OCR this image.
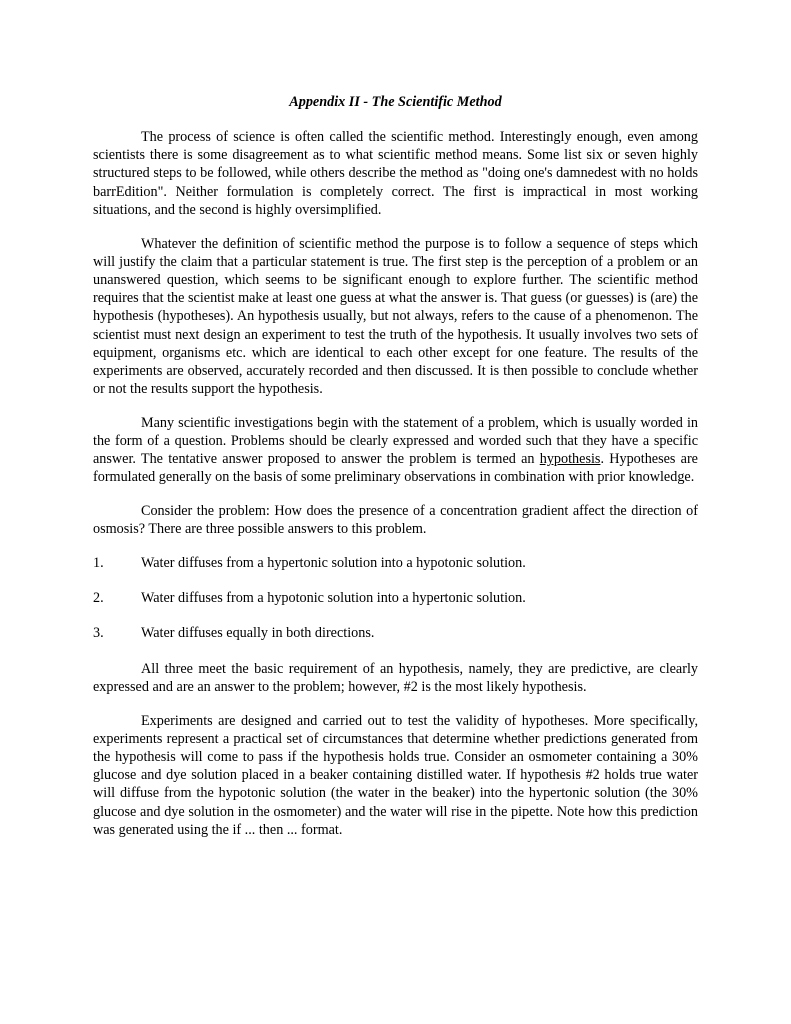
Appendix II - The Scientific Method

The process of science is often called the scientific method. Interestingly enough, even among scientists there is some disagreement as to what scientific method means. Some list six or seven highly structured steps to be followed, while others describe the method as "doing one's damnedest with no holds barrEdition". Neither formulation is completely correct. The first is impractical in most working situations, and the second is highly oversimplified.

Whatever the definition of scientific method the purpose is to follow a sequence of steps which will justify the claim that a particular statement is true. The first step is the perception of a problem or an unanswered question, which seems to be significant enough to explore further. The scientific method requires that the scientist make at least one guess at what the answer is. That guess (or guesses) is (are) the hypothesis (hypotheses). An hypothesis usually, but not always, refers to the cause of a phenomenon. The scientist must next design an experiment to test the truth of the hypothesis. It usually involves two sets of equipment, organisms etc. which are identical to each other except for one feature. The results of the experiments are observed, accurately recorded and then discussed. It is then possible to conclude whether or not the results support the hypothesis.

Many scientific investigations begin with the statement of a problem, which is usually worded in the form of a question. Problems should be clearly expressed and worded such that they have a specific answer. The tentative answer proposed to answer the problem is termed an hypothesis. Hypotheses are formulated generally on the basis of some preliminary observations in combination with prior knowledge.

Consider the problem: How does the presence of a concentration gradient affect the direction of osmosis? There are three possible answers to this problem.

1.	Water diffuses from a hypertonic solution into a hypotonic solution.
2.	Water diffuses from a hypotonic solution into a hypertonic solution.
3.	Water diffuses equally in both directions.

All three meet the basic requirement of an hypothesis, namely, they are predictive, are clearly expressed and are an answer to the problem; however, #2 is the most likely hypothesis.

Experiments are designed and carried out to test the validity of hypotheses. More specifically, experiments represent a practical set of circumstances that determine whether predictions generated from the hypothesis will come to pass if the hypothesis holds true. Consider an osmometer containing a 30% glucose and dye solution placed in a beaker containing distilled water. If hypothesis #2 holds true water will diffuse from the hypotonic solution (the water in the beaker) into the hypertonic solution (the 30% glucose and dye solution in the osmometer) and the water will rise in the pipette. Note how this prediction was generated using the if ... then ... format.
